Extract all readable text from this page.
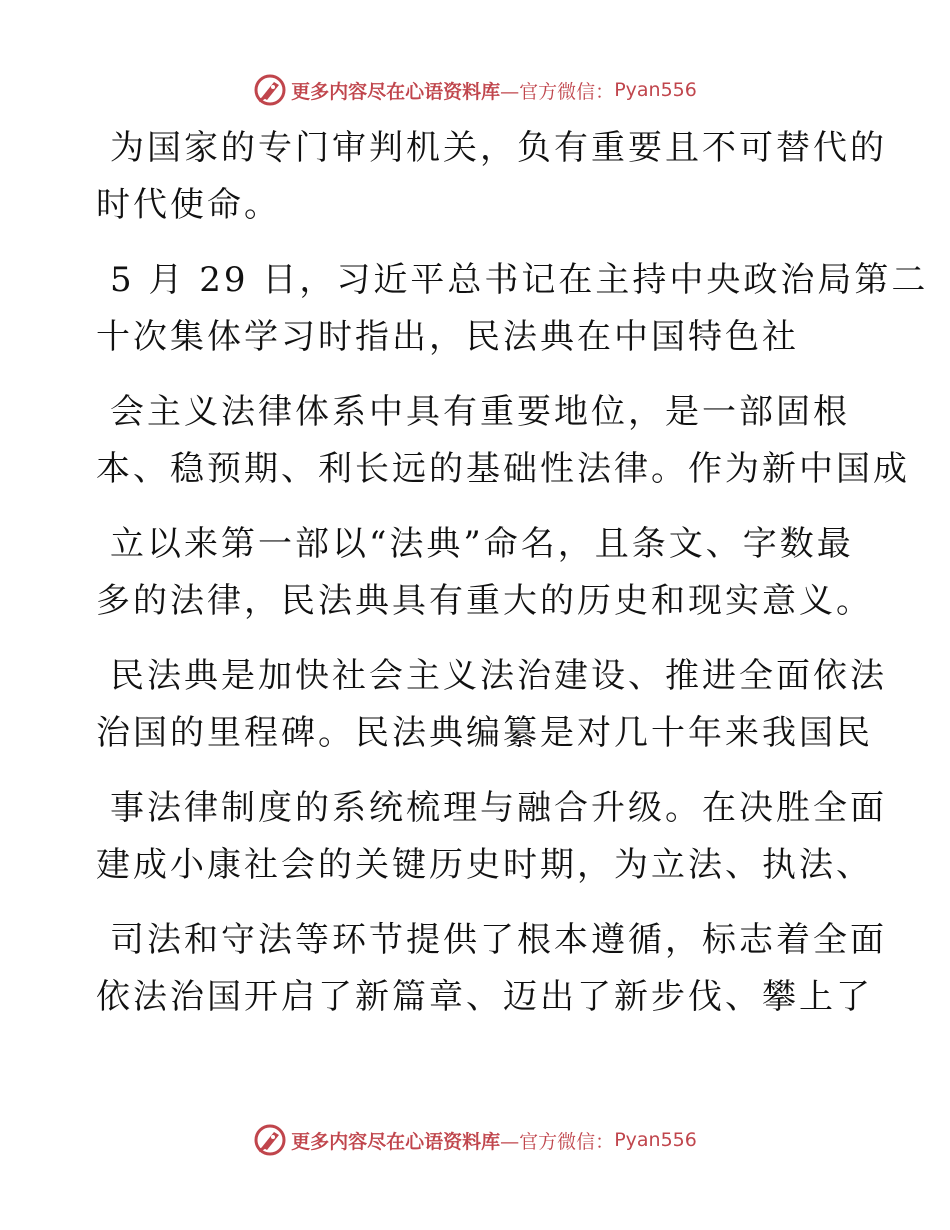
更多内容尽在心语资料库 —官方微信： Pyan556
为国家的专门审判机关，负有重要且不可替代的
时代使命。
5 月 29 日，习近平总书记在主持中央政治局第二
十次集体学习时指出，民法典在中国特色社
会主义法律体系中具有重要地位，是一部固根
本、稳预期、利长远的基础性法律。作为新中国成
立以来第一部以“法典”命名，且条文、字数最
多的法律，民法典具有重大的历史和现实意义。
民法典是加快社会主义法治建设、推进全面依法
治国的里程碑。民法典编纂是对几十年来我国民
事法律制度的系统梳理与融合升级。在决胜全面
建成小康社会的关键历史时期，为立法、执法、
司法和守法等环节提供了根本遵循，标志着全面
依法治国开启了新篇章、迈出了新步伐、攀上了
更多内容尽在心语资料库 —官方微信： Pyan556
